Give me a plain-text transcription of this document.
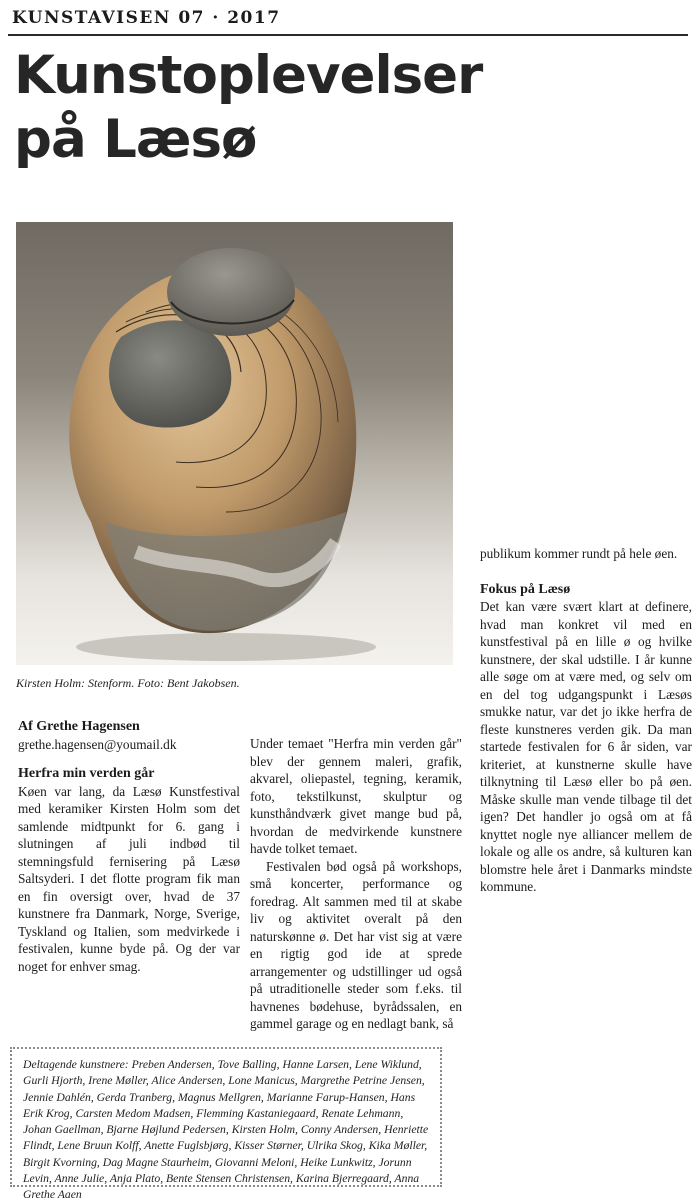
KUNSTAVISEN 07 · 2017
Kunstoplevelser
på Læsø
Kirsten Holm: Stenform. Foto: Bent Jakobsen.
Af Grethe Hagensen
grethe.hagensen@youmail.dk
Herfra min verden går

Køen var lang, da Læsø Kunstfestival med keramiker Kirsten Holm som det samlende midtpunkt for 6. gang i slutningen af juli indbød til stemningsfuld fernisering på Læsø Saltsyderi. I det flotte program fik man en fin oversigt over, hvad de 37 kunstnere fra Danmark, Norge, Sverige, Tyskland og Italien, som medvirkede i festivalen, kunne byde på. Og der var noget for enhver smag.

Under temaet "Herfra min verden går" blev der gennem maleri, grafik, akvarel, oliepastel, tegning, keramik, foto, tekstilkunst, skulptur og kunsthåndværk givet mange bud på, hvordan de medvirkende kunstnere havde tolket temaet.

Festivalen bød også på workshops, små koncerter, performance og foredrag. Alt sammen med til at skabe liv og aktivitet overalt på den naturskønne ø. Det har vist sig at være en rigtig god ide at sprede arrangementer og udstillinger ud også på utraditionelle steder som f.eks. til havnenes bødehuse, byrådssalen, en gammel garage og en nedlagt bank, så

publikum kommer rundt på hele øen.

Fokus på Læsø

Det kan være svært klart at definere, hvad man konkret vil med en kunstfestival på en lille ø og hvilke kunstnere, der skal udstille. I år kunne alle søge om at være med, og selv om en del tog udgangspunkt i Læsøs smukke natur, var det jo ikke herfra de fleste kunstneres verden gik. Da man startede festivalen for 6 år siden, var kriteriet, at kunstnerne skulle have tilknytning til Læsø eller bo på øen. Måske skulle man vende tilbage til det igen? Det handler jo også om at få knyttet nogle nye alliancer mellem de lokale og alle os andre, så kulturen kan blomstre hele året i Danmarks mindste kommune.

Deltagende kunstnere: Preben Andersen, Tove Balling, Hanne Larsen, Lene Wiklund, Gurli Hjorth, Irene Møller, Alice Andersen, Lone Manicus, Margrethe Petrine Jensen, Jennie Dahlén, Gerda Tranberg, Magnus Mellgren, Marianne Farup-Hansen, Hans Erik Krog, Carsten Medom Madsen, Flemming Kastaniegaard, Renate Lehmann, Johan Gaellman, Bjarne Højlund Pedersen, Kirsten Holm, Conny Andersen, Henriette Flindt, Lene Bruun Kolff, Anette Fuglsbjørg, Kisser Størner, Ulrika Skog, Kika Møller, Birgit Kvorning, Dag Magne Staurheim, Giovanni Meloni, Heike Lunkwitz, Jorunn Levin, Anne Julie, Anja Plato, Bente Stensen Christensen, Karina Bjerregaard, Anna Grethe Aaen
